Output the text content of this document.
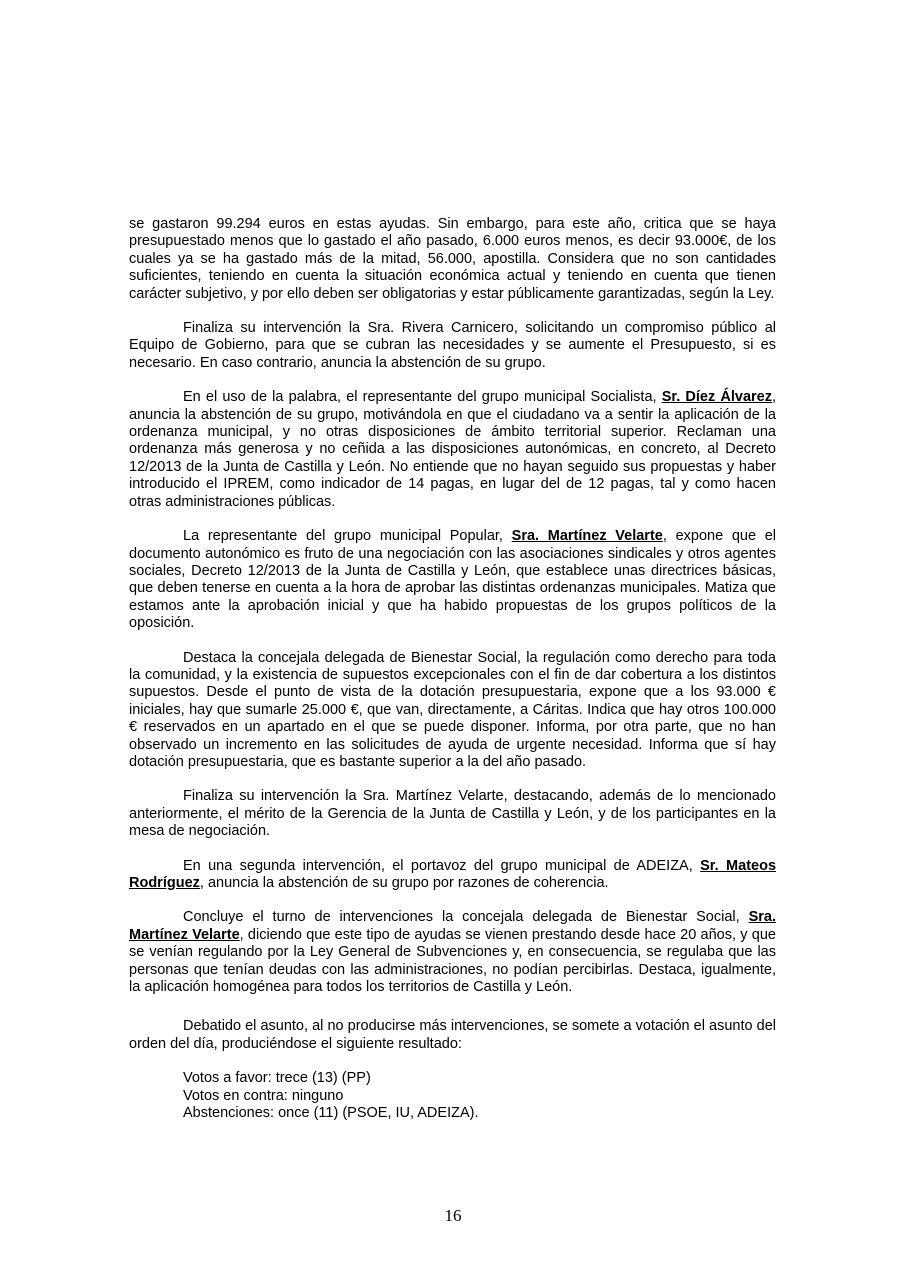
se gastaron 99.294 euros en estas ayudas. Sin embargo, para este año, critica que se haya presupuestado menos que lo gastado el año pasado, 6.000 euros menos, es decir 93.000€, de los cuales ya se ha gastado más de la mitad, 56.000, apostilla. Considera que no son cantidades suficientes, teniendo en cuenta la situación económica actual y teniendo en cuenta que tienen carácter subjetivo, y por ello deben ser obligatorias y estar públicamente garantizadas, según la Ley.

Finaliza su intervención la Sra. Rivera Carnicero, solicitando un compromiso público al Equipo de Gobierno, para que se cubran las necesidades y se aumente el Presupuesto, si es necesario. En caso contrario, anuncia la abstención de su grupo.

En el uso de la palabra, el representante del grupo municipal Socialista, Sr. Díez Álvarez, anuncia la abstención de su grupo, motivándola en que el ciudadano va a sentir la aplicación de la ordenanza municipal, y no otras disposiciones de ámbito territorial superior. Reclaman una ordenanza más generosa y no ceñida a las disposiciones autonómicas, en concreto, al Decreto 12/2013 de la Junta de Castilla y León. No entiende que no hayan seguido sus propuestas y haber introducido el IPREM, como indicador de 14 pagas, en lugar del de 12 pagas, tal y como hacen otras administraciones públicas.

La representante del grupo municipal Popular, Sra. Martínez Velarte, expone que el documento autonómico es fruto de una negociación con las asociaciones sindicales y otros agentes sociales, Decreto 12/2013 de la Junta de Castilla y León, que establece unas directrices básicas, que deben tenerse en cuenta a la hora de aprobar las distintas ordenanzas municipales. Matiza que estamos ante la aprobación inicial y que ha habido propuestas de los grupos políticos de la oposición.

Destaca la concejala delegada de Bienestar Social, la regulación como derecho para toda la comunidad, y la existencia de supuestos excepcionales con el fin de dar cobertura a los distintos supuestos. Desde el punto de vista de la dotación presupuestaria, expone que a los 93.000 € iniciales, hay que sumarle 25.000 €, que van, directamente, a Cáritas. Indica que hay otros 100.000 € reservados en un apartado en el que se puede disponer. Informa, por otra parte, que no han observado un incremento en las solicitudes de ayuda de urgente necesidad. Informa que sí hay dotación presupuestaria, que es bastante superior a la del año pasado.

Finaliza su intervención la Sra. Martínez Velarte, destacando, además de lo mencionado anteriormente, el mérito de la Gerencia de la Junta de Castilla y León, y de los participantes en la mesa de negociación.

En una segunda intervención, el portavoz del grupo municipal de ADEIZA, Sr. Mateos Rodríguez, anuncia la abstención de su grupo por razones de coherencia.

Concluye el turno de intervenciones la concejala delegada de Bienestar Social, Sra. Martínez Velarte, diciendo que este tipo de ayudas se vienen prestando desde hace 20 años, y que se venían regulando por la Ley General de Subvenciones y, en consecuencia, se regulaba que las personas que tenían deudas con las administraciones, no podían percibirlas. Destaca, igualmente, la aplicación homogénea para todos los territorios de Castilla y León.

Debatido el asunto, al no producirse más intervenciones, se somete a votación el asunto del orden del día, produciéndose el siguiente resultado:

Votos a favor: trece (13) (PP)
Votos en contra: ninguno
Abstenciones: once (11) (PSOE, IU, ADEIZA).
16
